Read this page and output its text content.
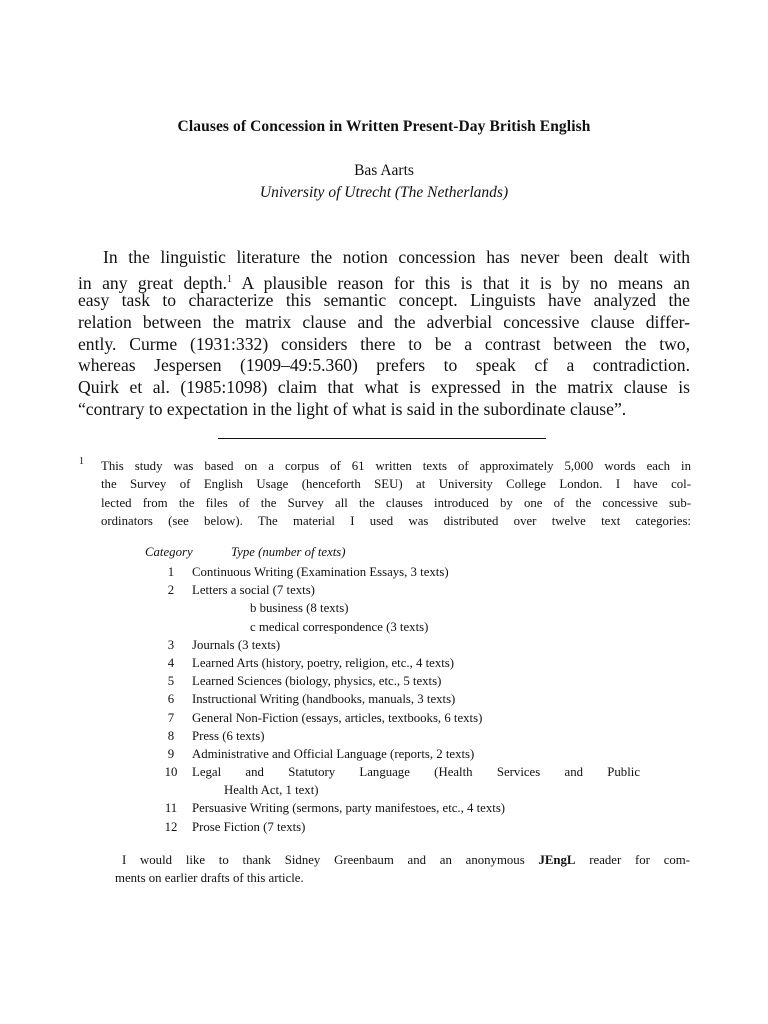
Clauses of Concession in Written Present-Day British English
Bas Aarts
University of Utrecht (The Netherlands)
In the linguistic literature the notion concession has never been dealt with
in any great depth.$^1$ A plausible reason for this is that it is by no means an
easy task to characterize this semantic concept. Linguists have analyzed the
relation between the matrix clause and the adverbial concessive clause differ-
ently. Curme (1931:332) considers there to be a contrast between the two,
whereas Jespersen (1909–49:5.360) prefers to speak cf a contradiction.
Quirk et al. (1985:1098) claim that what is expressed in the matrix clause is
“contrary to expectation in the light of what is said in the subordinate clause”.
1 This study was based on a corpus of 61 written texts of approximately 5,000 words each in
the Survey of English Usage (henceforth SEU) at University College London. I have col-
lected from the files of the Survey all the clauses introduced by one of the concessive sub-
ordinators (see below). The material I used was distributed over twelve text categories:
Category	Type (number of texts)
1 Continuous Writing (Examination Essays, 3 texts)
2 Letters a social (7 texts)
b business (8 texts)
c medical correspondence (3 texts)
3 Journals (3 texts)
4 Learned Arts (history, poetry, religion, etc., 4 texts)
5 Learned Sciences (biology, physics, etc., 5 texts)
6 Instructional Writing (handbooks, manuals, 3 texts)
7 General Non-Fiction (essays, articles, textbooks, 6 texts)
8 Press (6 texts)
9 Administrative and Official Language (reports, 2 texts)
10 Legal and Statutory Language (Health Services and Public
Health Act, 1 text)
11 Persuasive Writing (sermons, party manifestoes, etc., 4 texts)
12 Prose Fiction (7 texts)
I would like to thank Sidney Greenbaum and an anonymous JEngL reader for com-
ments on earlier drafts of this article.
